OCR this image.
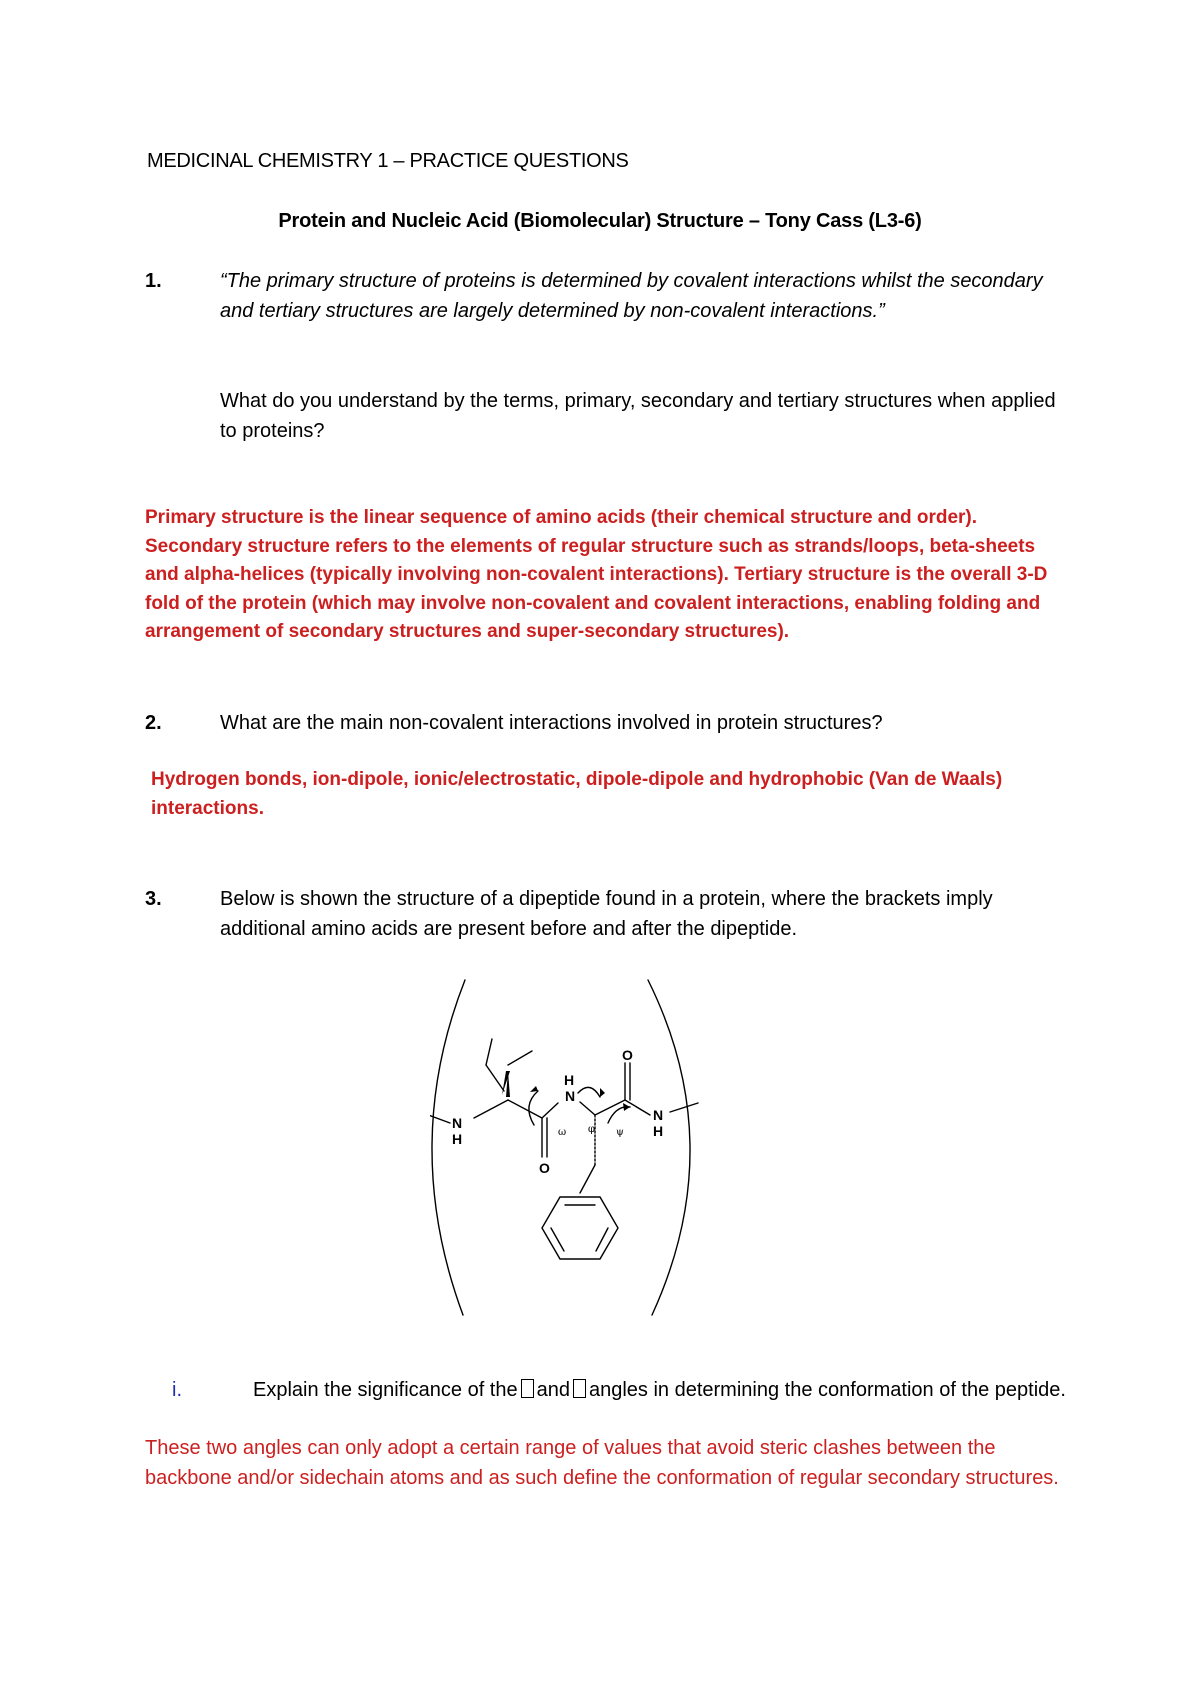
MEDICINAL CHEMISTRY 1 – PRACTICE QUESTIONS
Protein and Nucleic Acid (Biomolecular) Structure – Tony Cass (L3-6)
1.	“The primary structure of proteins is determined by covalent interactions whilst the secondary and tertiary structures are largely determined by non-covalent interactions.”
What do you understand by the terms, primary, secondary and tertiary structures when applied to proteins?
Primary structure is the linear sequence of amino acids (their chemical structure and order). Secondary structure refers to the elements of regular structure such as strands/loops, beta-sheets and alpha-helices (typically involving non-covalent interactions). Tertiary structure is the overall 3-D fold of the protein (which may involve non-covalent and covalent interactions, enabling folding and arrangement of secondary structures and super-secondary structures).
2.	What are the main non-covalent interactions involved in protein structures?
Hydrogen bonds, ion-dipole, ionic/electrostatic, dipole-dipole and hydrophobic (Van de Waals) interactions.
3.	Below is shown the structure of a dipeptide found in a protein, where the brackets imply additional amino acids are present before and after the dipeptide.
N
H
N
H
O
O
N
H
ω φ ψ
i.	Explain the significance of the and angles in determining the conformation of the peptide.
These two angles can only adopt a certain range of values that avoid steric clashes between the backbone and/or sidechain atoms and as such define the conformation of regular secondary structures.
